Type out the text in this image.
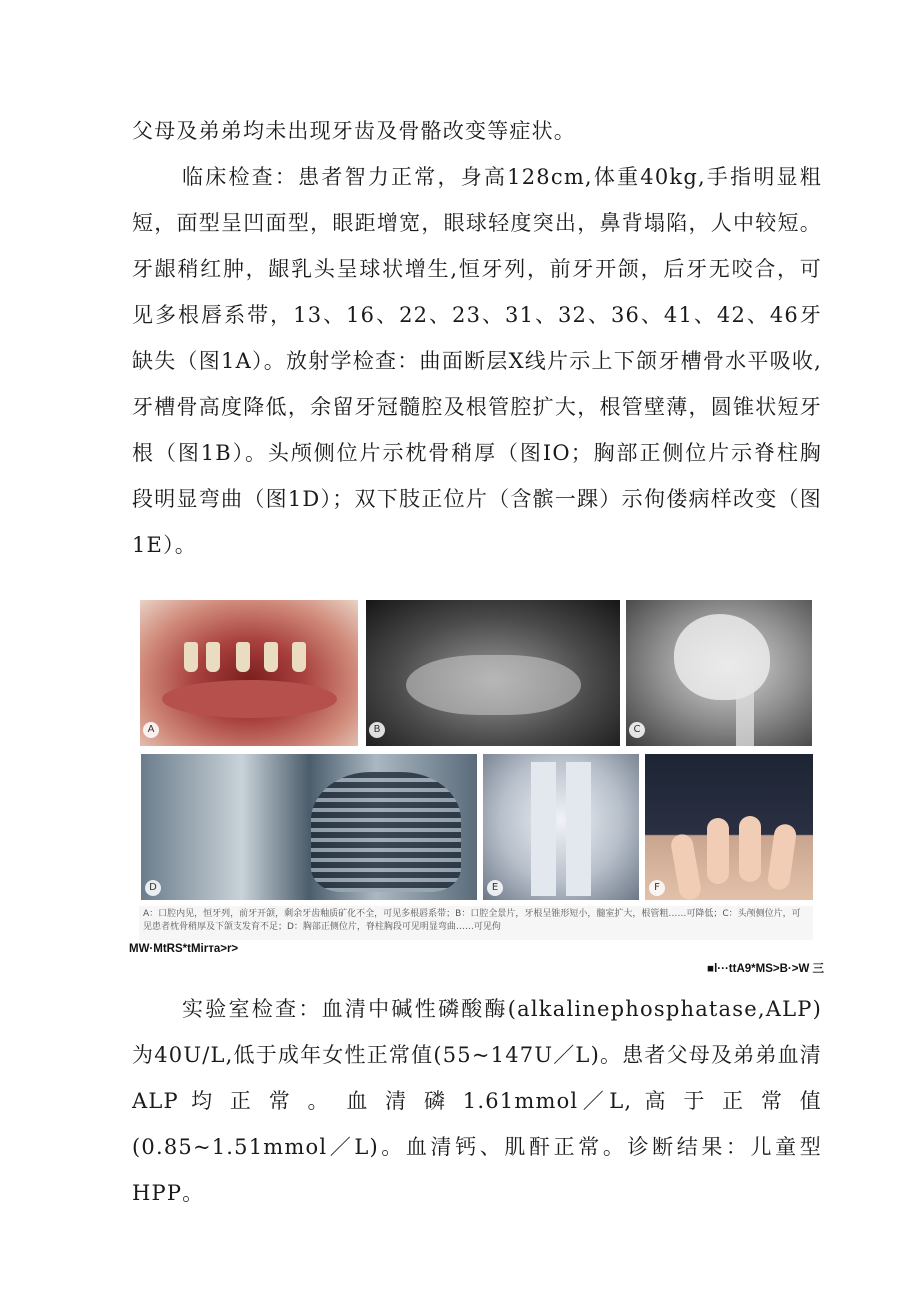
父母及弟弟均未出现牙齿及骨骼改变等症状。

临床检查：患者智力正常，身高128cm,体重40kg,手指明显粗短，面型呈凹面型，眼距增宽，眼球轻度突出，鼻背塌陷，人中较短。牙龈稍红肿，龈乳头呈球状增生,恒牙列，前牙开颌，后牙无咬合，可见多根唇系带，13、16、22、23、31、32、36、41、42、46牙缺失（图1A）。放射学检查：曲面断层X线片示上下颌牙槽骨水平吸收,牙槽骨高度降低，余留牙冠髓腔及根管腔扩大，根管壁薄，圆锥状短牙根（图1B）。头颅侧位片示枕骨稍厚（图IO；胸部正侧位片示脊柱胸段明显弯曲（图1D）；双下肢正位片（含髌一踝）示佝偻病样改变（图1E）。

A	B	C
D	E	F
A：口腔内见，恒牙列，前牙开颌，剩余牙齿釉质矿化不全，可见多根唇系带；B：口腔全景片，牙根呈锥形短小，髓室扩大，根管粗……可降低；C：头颅侧位片，可见患者枕骨稍厚及下颌支发育不足；D：胸部正侧位片，脊柱胸段可见明显弯曲……可见佝
MW·MtRS*tMirтa>r>
■l···ttA9*MS>B·>W 三

实验室检查：血清中碱性磷酸酶(alkalinephosphatase,ALP)为40U/L,低于成年女性正常值(55~147U／L)。患者父母及弟弟血清ALP 均 正 常 。 血 清 磷 1.61mmol／L, 高 于 正 常 值(0.85~1.51mmol／L)。血清钙、肌酐正常。诊断结果：儿童型HPP。
